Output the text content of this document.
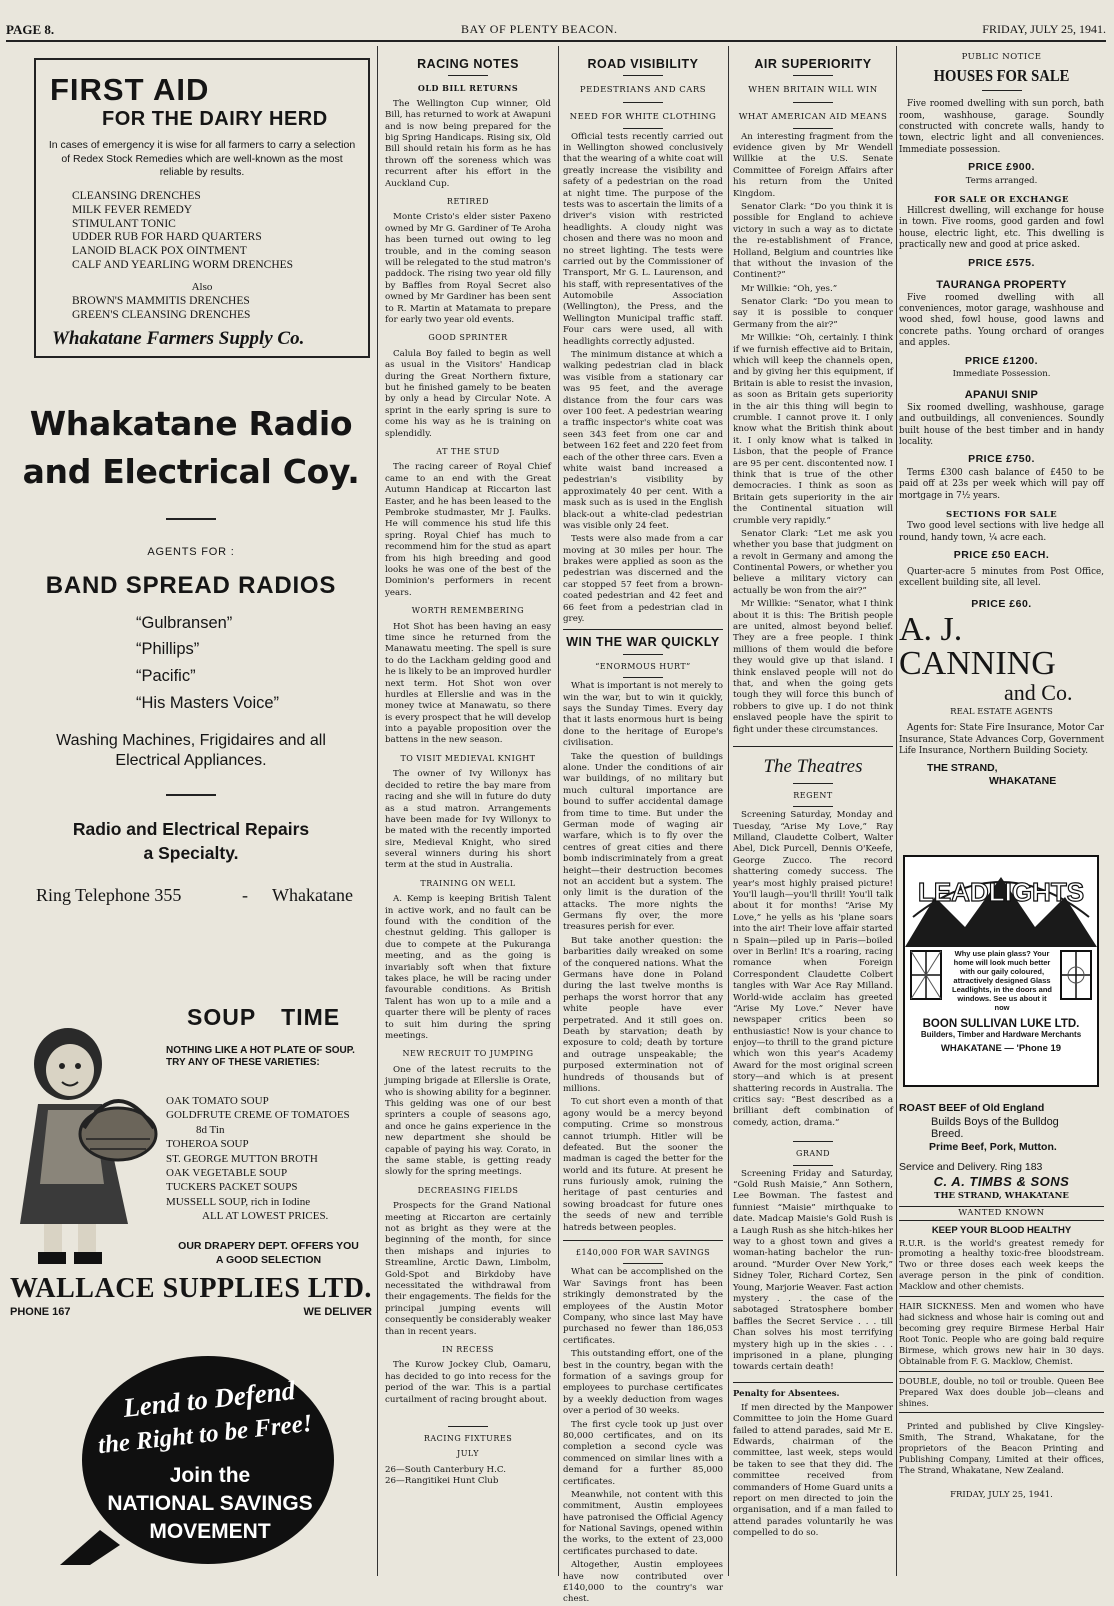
PAGE 8.	BAY OF PLENTY BEACON.	FRIDAY, JULY 25, 1941.
FIRST AID
FOR THE DAIRY HERD
In cases of emergency it is wise for all farmers to carry a selection of Redex Stock Remedies which are well-known as the most reliable by results.
CLEANSING DRENCHES
MILK FEVER REMEDY
STIMULANT TONIC
UDDER RUB FOR HARD QUARTERS
LANOID BLACK POX OINTMENT
CALF AND YEARLING WORM DRENCHES
Also
BROWN'S MAMMITIS DRENCHES
GREEN'S CLEANSING DRENCHES
Whakatane Farmers Supply Co.
Whakatane Radio
and Electrical Coy.
AGENTS FOR :
BAND SPREAD RADIOS
“Gulbransen”
“Phillips”
“Pacific”
“His Masters Voice”
Washing Machines, Frigidaires and all
Electrical Appliances.
Radio and Electrical Repairs
a Specialty.
Ring Telephone 355	- Whakatane
SOUP TIME
NOTHING LIKE A HOT PLATE OF SOUP. TRY ANY OF THESE VARIETIES:
OAK TOMATO SOUP
GOLDFRUTE CREME OF TOMATOES
8d Tin
TOHEROA SOUP
ST. GEORGE MUTTON BROTH
OAK VEGETABLE SOUP
TUCKERS PACKET SOUPS
MUSSELL SOUP, rich in Iodine
ALL AT LOWEST PRICES.
OUR DRAPERY DEPT. OFFERS YOU
A GOOD SELECTION
WALLACE SUPPLIES LTD.
PHONE 167	WE DELIVER
Lend to Defend
the Right to be Free!
Join the
NATIONAL SAVINGS
MOVEMENT
RACING NOTES
OLD BILL RETURNS

The Wellington Cup winner, Old Bill, has returned to work at Awapuni and is now being prepared for the big Spring Handicaps. Rising six, Old Bill should retain his form as he has thrown off the soreness which was recurrent after his effort in the Auckland Cup.

RETIRED

Monte Cristo's elder sister Paxeno owned by Mr G. Gardiner of Te Aroha has been turned out owing to leg trouble, and in the coming season will be relegated to the stud matron's paddock. The rising two year old filly by Baffles from Royal Secret also owned by Mr Gardiner has been sent to R. Martin at Matamata to prepare for early two year old events.

GOOD SPRINTER

Calula Boy failed to begin as well as usual in the Visitors' Handicap during the Great Northern fixture, but he finished gamely to be beaten by only a head by Circular Note. A sprint in the early spring is sure to come his way as he is training on splendidly.

AT THE STUD

The racing career of Royal Chief came to an end with the Great Autumn Handicap at Riccarton last Easter, and he has been leased to the Pembroke studmaster, Mr J. Faulks. He will commence his stud life this spring. Royal Chief has much to recommend him for the stud as apart from his high breeding and good looks he was one of the best of the Dominion's performers in recent years.

WORTH REMEMBERING

Hot Shot has been having an easy time since he returned from the Manawatu meeting. The spell is sure to do the Lackham gelding good and he is likely to be an improved hurdler next term. Hot Shot won over hurdles at Ellerslie and was in the money twice at Manawatu, so there is every prospect that he will develop into a payable proposition over the battens in the new season.

TO VISIT MEDIEVAL KNIGHT

The owner of Ivy Willonyx has decided to retire the bay mare from racing and she will in future do duty as a stud matron. Arrangements have been made for Ivy Willonyx to be mated with the recently imported sire, Medieval Knight, who sired several winners during his short term at the stud in Australia.

TRAINING ON WELL

A. Kemp is keeping British Talent in active work, and no fault can be found with the condition of the chestnut gelding. This galloper is due to compete at the Pukuranga meeting, and as the going is invariably soft when that fixture takes place, he will be racing under favourable conditions. As British Talent has won up to a mile and a quarter there will be plenty of races to suit him during the spring meetings.

NEW RECRUIT TO JUMPING

One of the latest recruits to the jumping brigade at Ellerslie is Orate, who is showing ability for a beginner. This gelding was one of our best sprinters a couple of seasons ago, and once he gains experience in the new department she should be capable of paying his way. Corato, in the same stable, is getting ready slowly for the spring meetings.

DECREASING FIELDS

Prospects for the Grand National meeting at Riccarton are certainly not as bright as they were at the beginning of the month, for since then mishaps and injuries to Streamline, Arctic Dawn, Limbolm, Gold-Spot and Birkdoby have necessitated the withdrawal from their engagements. The fields for the principal jumping events will consequently be considerably weaker than in recent years.

IN RECESS

The Kurow Jockey Club, Oamaru, has decided to go into recess for the period of the war. This is a partial curtailment of racing brought about.

RACING FIXTURES
JULY
26—South Canterbury H.C.
26—Rangitikei Hunt Club
ROAD VISIBILITY
PEDESTRIANS AND CARS
NEED FOR WHITE CLOTHING

Official tests recently carried out in Wellington showed conclusively that the wearing of a white coat will greatly increase the visibility and safety of a pedestrian on the road at night time. The purpose of the tests was to ascertain the limits of a driver's vision with restricted headlights. A cloudy night was chosen and there was no moon and no street lighting. The tests were carried out by the Commissioner of Transport, Mr G. L. Laurenson, and his staff, with representatives of the Automobile Association (Wellington), the Press, and the Wellington Municipal traffic staff. Four cars were used, all with headlights correctly adjusted.

The minimum distance at which a walking pedestrian clad in black was visible from a stationary car was 95 feet, and the average distance from the four cars was over 100 feet. A pedestrian wearing a traffic inspector's white coat was seen 343 feet from one car and between 162 feet and 220 feet from each of the other three cars. Even a white waist band increased a pedestrian's visibility by approximately 40 per cent. With a mask such as is used in the English black-out a white-clad pedestrian was visible only 24 feet.

Tests were also made from a car moving at 30 miles per hour. The brakes were applied as soon as the pedestrian was discerned and the car stopped 57 feet from a brown-coated pedestrian and 42 feet and 66 feet from a pedestrian clad in grey.

WIN THE WAR QUICKLY
“ENORMOUS HURT”

What is important is not merely to win the war, but to win it quickly, says the Sunday Times. Every day that it lasts enormous hurt is being done to the heritage of Europe's civilisation.

Take the question of buildings alone. Under the conditions of air war buildings, of no military but much cultural importance are bound to suffer accidental damage from time to time. But under the German mode of waging air warfare, which is to fly over the centres of great cities and there bomb indiscriminately from a great height—their destruction becomes not an accident but a system. The only limit is the duration of the attacks. The more nights the Germans fly over, the more treasures perish for ever.

But take another question: the barbarities daily wreaked on some of the conquered nations. What the Germans have done in Poland during the last twelve months is perhaps the worst horror that any white people have ever perpetrated. And it still goes on. Death by starvation; death by exposure to cold; death by torture and outrage unspeakable; the purposed extermination not of hundreds of thousands but of millions.

To cut short even a month of that agony would be a mercy beyond computing. Crime so monstrous cannot triumph. Hitler will be defeated. But the sooner the madman is caged the better for the world and its future. At present he runs furiously amok, ruining the heritage of past centuries and sowing broadcast for future ones the seeds of new and terrible hatreds between peoples.

£140,000 FOR WAR SAVINGS

What can be accomplished on the War Savings front has been strikingly demonstrated by the employees of the Austin Motor Company, who since last May have purchased no fewer than 186,053 certificates.

This outstanding effort, one of the best in the country, began with the formation of a savings group for employees to purchase certificates by a weekly deduction from wages over a period of 30 weeks.

The first cycle took up just over 80,000 certificates, and on its completion a second cycle was commenced on similar lines with a demand for a further 85,000 certificates.

Meanwhile, not content with this commitment, Austin employees have patronised the Official Agency for National Savings, opened within the works, to the extent of 23,000 certificates purchased to date.

Altogether, Austin employees have now contributed over £140,000 to the country's war chest.

AIR SUPERIORITY
WHEN BRITAIN WILL WIN
WHAT AMERICAN AID MEANS

An interesting fragment from the evidence given by Mr Wendell Willkie at the U.S. Senate Committee of Foreign Affairs after his return from the United Kingdom.

Senator Clark: “Do you think it is possible for England to achieve victory in such a way as to dictate the re-establishment of France, Holland, Belgium and countries like that without the invasion of the Continent?”

Mr Willkie: “Oh, yes.”

Senator Clark: “Do you mean to say it is possible to conquer Germany from the air?”

Mr Willkie: “Oh, certainly. I think if we furnish effective aid to Britain, which will keep the channels open, and by giving her this equipment, if Britain is able to resist the invasion, as soon as Britain gets superiority in the air this thing will begin to crumble. I cannot prove it. I only know what the British think about it. I only know what is talked in Lisbon, that the people of France are 95 per cent. discontented now. I think that is true of the other democracies. I think as soon as Britain gets superiority in the air the Continental situation will crumble very rapidly.”

Senator Clark: “Let me ask you whether you base that judgment on a revolt in Germany and among the Continental Powers, or whether you believe a military victory can actually be won from the air?”

Mr Willkie: “Senator, what I think about it is this: The British people are united, almost beyond belief. They are a free people. I think millions of them would die before they would give up that island. I think enslaved people will not do that, and when the going gets tough they will force this bunch of robbers to give up. I do not think enslaved people have the spirit to fight under these circumstances.

The Theatres
REGENT

Screening Saturday, Monday and Tuesday, “Arise My Love,” Ray Milland, Claudette Colbert, Walter Abel, Dick Purcell, Dennis O'Keefe, George Zucco. The record shattering comedy success. The year's most highly praised picture! You'll laugh—you'll thrill! You'll talk about it for months! “Arise My Love,” he yells as his 'plane soars into the air! Their love affair started n Spain—piled up in Paris—boiled over in Berlin! It's a roaring, racing romance when Foreign Correspondent Claudette Colbert tangles with War Ace Ray Milland. World-wide acclaim has greeted “Arise My Love.” Never have newspaper critics been so enthusiastic! Now is your chance to enjoy—to thrill to the grand picture which won this year's Academy Award for the most original screen story—and which is at present shattering records in Australia. The critics say: “Best described as a brilliant deft combination of comedy, action, drama.”

GRAND

Screening Friday and Saturday, “Gold Rush Maisie,” Ann Sothern, Lee Bowman. The fastest and funniest “Maisie” mirthquake to date. Madcap Maisie's Gold Rush is a Laugh Rush as she hitch-hikes her way to a ghost town and gives a woman-hating bachelor the run-around. “Murder Over New York,” Sidney Toler, Richard Cortez, Sen Young, Marjorie Weaver. Fast action mystery . . . the case of the sabotaged Stratosphere bomber baffles the Secret Service . . . till Chan solves his most terrifying mystery high up in the skies . . . imprisoned in a plane, plunging towards certain death!

Penalty for Absentees.

If men directed by the Manpower Committee to join the Home Guard failed to attend parades, said Mr E. Edwards, chairman of the committee, last week, steps would be taken to see that they did. The committee received from commanders of Home Guard units a report on men directed to join the organisation, and if a man failed to attend parades voluntarily he was compelled to do so.

PUBLIC NOTICE
HOUSES FOR SALE
Five roomed dwelling with sun porch, bath room, washhouse, garage. Soundly constructed with concrete walls, handy to town, electric light and all conveniences. Immediate possession.
PRICE £900.
Terms arranged.
FOR SALE OR EXCHANGE
Hillcrest dwelling, will exchange for house in town. Five rooms, good garden and fowl house, electric light, etc. This dwelling is practically new and good at price asked.
PRICE £575.
TAURANGA PROPERTY
Five roomed dwelling with all conveniences, motor garage, washhouse and wood shed, fowl house, good lawns and concrete paths. Young orchard of oranges and apples.
PRICE £1200.
Immediate Possession.
APANUI SNIP
Six roomed dwelling, washhouse, garage and outbuildings, all conveniences. Soundly built house of the best timber and in handy locality.
PRICE £750.
Terms £300 cash balance of £450 to be paid off at 23s per week which will pay off mortgage in 7½ years.
SECTIONS FOR SALE
Two good level sections with live hedge all round, handy town, ¼ acre each.
PRICE £50 EACH.
Quarter-acre 5 minutes from Post Office, excellent building site, all level.
PRICE £60.
A. J. CANNING
and Co.
REAL ESTATE AGENTS
Agents for: State Fire Insurance, Motor Car Insurance, State Advances Corp, Government Life Insurance, Northern Building Society.
THE STRAND,
WHAKATANE
LEADLIGHTS
Why use plain glass? Your home will look much better with our gaily coloured, attractively designed Glass Leadlights, in the doors and windows. See us about it now
BOON SULLIVAN LUKE LTD.
Builders, Timber and Hardware Merchants
WHAKATANE — 'Phone 19
ROAST BEEF of Old England
Builds Boys of the Bulldog
Breed.
Prime Beef, Pork, Mutton.
Service and Delivery. Ring 183
C. A. TIMBS & SONS
THE STRAND, WHAKATANE
WANTED KNOWN
KEEP YOUR BLOOD HEALTHY
R.U.R. is the world's greatest remedy for promoting a healthy toxic-free bloodstream. Two or three doses each week keeps the average person in the pink of condition. Macklow and other chemists.
HAIR SICKNESS. Men and women who have had sickness and whose hair is coming out and becoming grey require Birmese Herbal Hair Root Tonic. People who are going bald require Birmese, which grows new hair in 30 days. Obtainable from F. G. Macklow, Chemist.
DOUBLE, double, no toil or trouble. Queen Bee Prepared Wax does double job—cleans and shines.
Printed and published by Clive Kingsley-Smith, The Strand, Whakatane, for the proprietors of the Beacon Printing and Publishing Company, Limited at their offices, The Strand, Whakatane, New Zealand.
FRIDAY, JULY 25, 1941.
